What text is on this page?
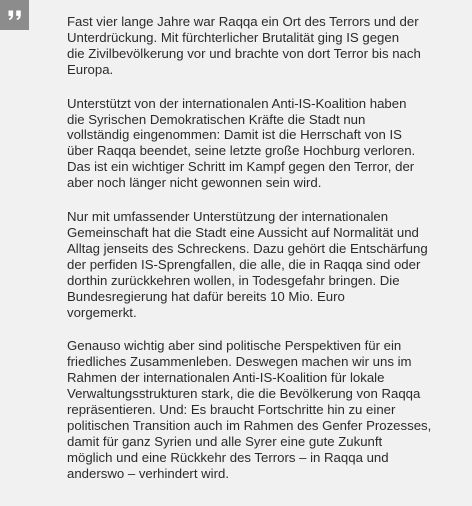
Fast vier lange Jahre war Raqqa ein Ort des Terrors und der
Unterdrückung. Mit fürchterlicher Brutalität ging IS gegen
die Zivilbevölkerung vor und brachte von dort Terror bis nach
Europa.

Unterstützt von der internationalen Anti-IS-Koalition haben
die Syrischen Demokratischen Kräfte die Stadt nun
vollständig eingenommen: Damit ist die Herrschaft von IS
über Raqqa beendet, seine letzte große Hochburg verloren.
Das ist ein wichtiger Schritt im Kampf gegen den Terror, der
aber noch länger nicht gewonnen sein wird.

Nur mit umfassender Unterstützung der internationalen
Gemeinschaft hat die Stadt eine Aussicht auf Normalität und
Alltag jenseits des Schreckens. Dazu gehört die Entschärfung
der perfiden IS-Sprengfallen, die alle, die in Raqqa sind oder
dorthin zurückkehren wollen, in Todesgefahr bringen. Die
Bundesregierung hat dafür bereits 10 Mio. Euro
vorgemerkt.

Genauso wichtig aber sind politische Perspektiven für ein
friedliches Zusammenleben. Deswegen machen wir uns im
Rahmen der internationalen Anti-IS-Koalition für lokale
Verwaltungsstrukturen stark, die die Bevölkerung von Raqqa
repräsentieren. Und: Es braucht Fortschritte hin zu einer
politischen Transition auch im Rahmen des Genfer Prozesses,
damit für ganz Syrien und alle Syrer eine gute Zukunft
möglich und eine Rückkehr des Terrors – in Raqqa und
anderswo – verhindert wird.
